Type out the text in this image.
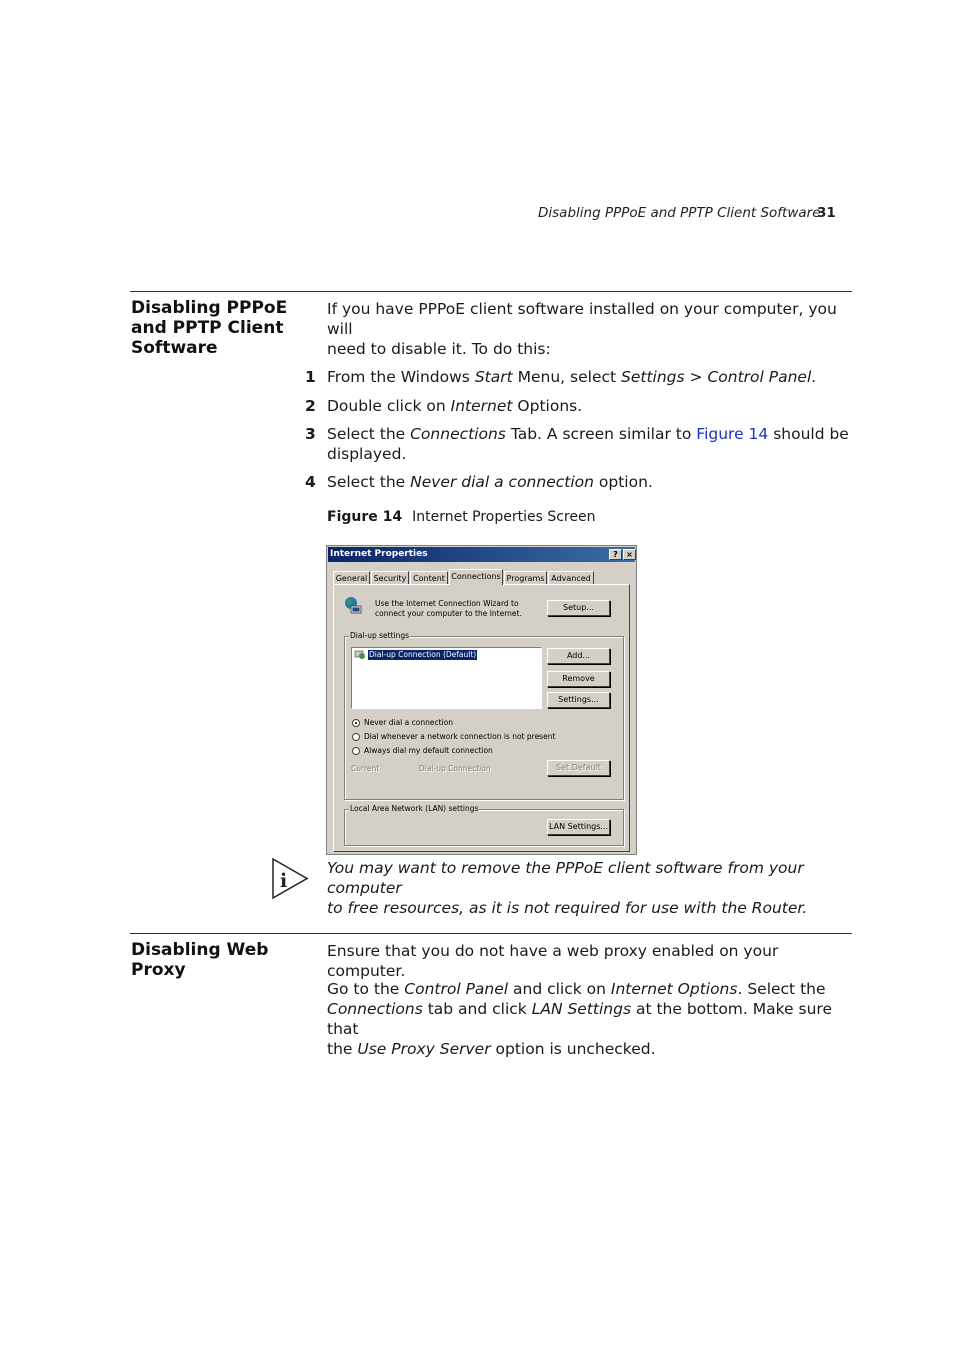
Disabling PPPoE and PPTP Client Software
31
Disabling PPPoE
and PPTP Client
Software
If you have PPPoE client software installed on your computer, you will
need to disable it. To do this:
1 From the Windows Start Menu, select Settings > Control Panel.
2 Double click on Internet Options.
3 Select the Connections Tab. A screen similar to Figure 14 should be
displayed.
4 Select the Never dial a connection option.
Figure 14 Internet Properties Screen
Internet Properties	?	×
General Security Content Connections Programs Advanced
Use the Internet Connection Wizard to
connect your computer to the Internet.
Setup...
Dial-up settings
Dial-up Connection (Default)	Add...
Remove
Settings...
Never dial a connection
Dial whenever a network connection is not present
Always dial my default connection
Current	Dial-up Connection	Set Default
Local Area Network (LAN) settings
LAN Settings...
i
You may want to remove the PPPoE client software from your computer
to free resources, as it is not required for use with the Router.
Disabling Web
Proxy
Ensure that you do not have a web proxy enabled on your computer.
Go to the Control Panel and click on Internet Options. Select the
Connections tab and click LAN Settings at the bottom. Make sure that
the Use Proxy Server option is unchecked.
